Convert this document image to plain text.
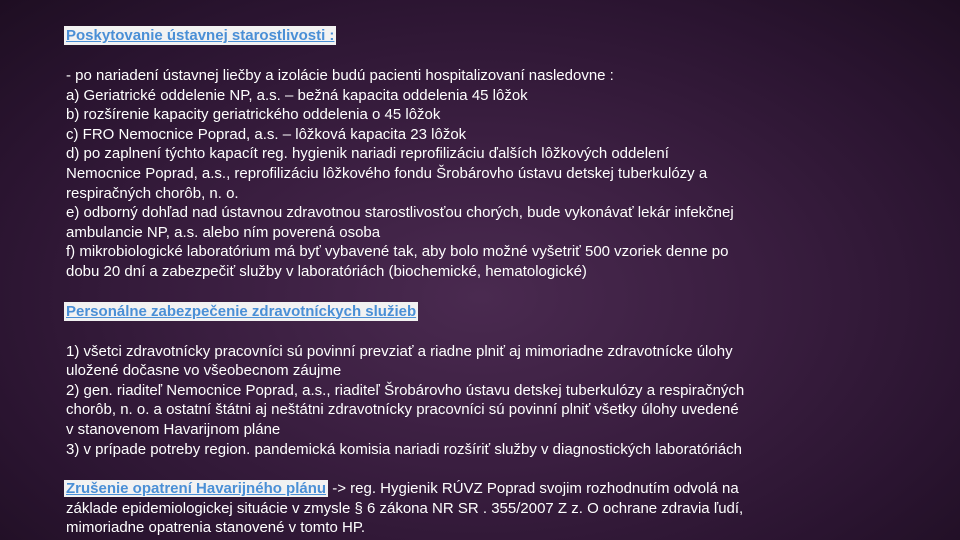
Poskytovanie ústavnej starostlivosti :

- po nariadení ústavnej liečby a izolácie budú pacienti hospitalizovaní nasledovne :

a) Geriatrické oddelenie NP, a.s. – bežná kapacita oddelenia 45 lôžok

b) rozšírenie kapacity geriatrického oddelenia o 45 lôžok

c) FRO Nemocnice Poprad, a.s. – lôžková kapacita 23 lôžok

d) po zaplnení týchto kapacít reg. hygienik nariadi reprofilizáciu ďalších lôžkových oddelení

Nemocnice Poprad, a.s., reprofilizáciu lôžkového fondu Šrobárovho ústavu detskej tuberkulózy a

respiračných chorôb, n. o.

e) odborný dohľad nad ústavnou zdravotnou starostlivosťou chorých, bude vykonávať lekár infekčnej

ambulancie NP, a.s. alebo ním poverená osoba

f) mikrobiologické laboratórium má byť vybavené tak, aby bolo možné vyšetriť 500 vzoriek denne po

dobu 20 dní a zabezpečiť služby v laboratóriách (biochemické, hematologické)

Personálne zabezpečenie zdravotníckych služieb

1) všetci zdravotnícky pracovníci sú povinní prevziať a riadne plniť aj mimoriadne zdravotnícke úlohy

uložené dočasne vo všeobecnom záujme

2) gen. riaditeľ Nemocnice Poprad, a.s., riaditeľ Šrobárovho ústavu detskej tuberkulózy a respiračných

chorôb, n. o. a ostatní štátni aj neštátni zdravotnícky pracovníci sú povinní plniť všetky úlohy uvedené

v stanovenom Havarijnom pláne

3) v prípade potreby region. pandemická komisia nariadi rozšíriť služby v diagnostických laboratóriách

Zrušenie opatrení Havarijného plánu -> reg. Hygienik RÚVZ Poprad svojim rozhodnutím odvolá na

základe epidemiologickej situácie v zmysle § 6 zákona NR SR . 355/2007 Z z. O ochrane zdravia ľudí,

mimoriadne opatrenia stanovené v tomto HP.
